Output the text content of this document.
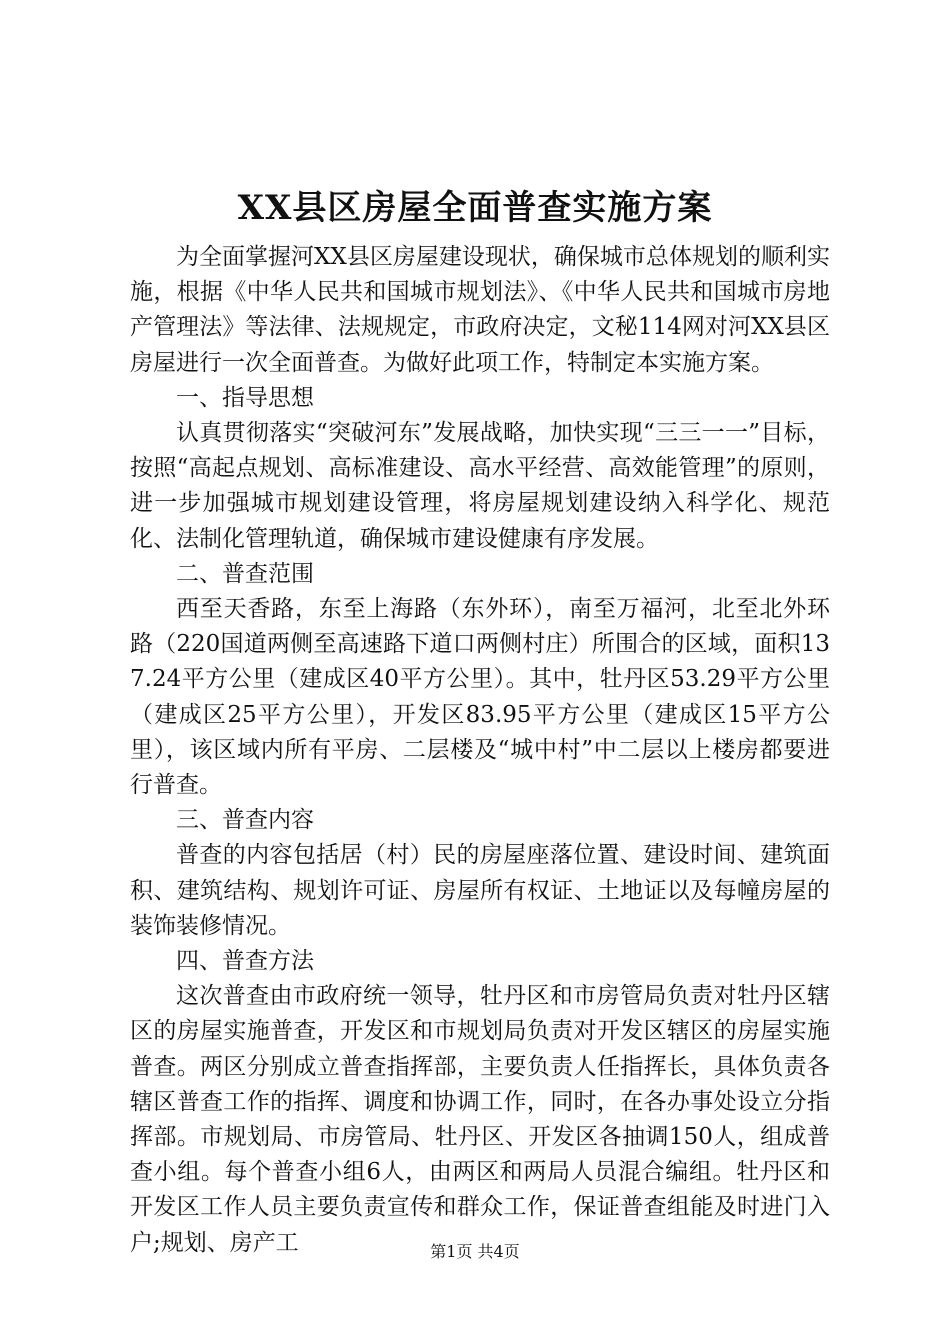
XX县区房屋全面普查实施方案

为全面掌握河XX县区房屋建设现状，确保城市总体规划的顺利实施，根据《中华人民共和国城市规划法》、《中华人民共和国城市房地产管理法》等法律、法规规定，市政府决定，文秘114网对河XX县区房屋进行一次全面普查。为做好此项工作，特制定本实施方案。

一、指导思想

认真贯彻落实“突破河东”发展战略，加快实现“三三一一”目标，按照“高起点规划、高标准建设、高水平经营、高效能管理”的原则，进一步加强城市规划建设管理，将房屋规划建设纳入科学化、规范化、法制化管理轨道，确保城市建设健康有序发展。

二、普查范围

西至天香路，东至上海路（东外环），南至万福河，北至北外环路（220国道两侧至高速路下道口两侧村庄）所围合的区域，面积137.24平方公里（建成区40平方公里）。其中，牡丹区53.29平方公里（建成区25平方公里），开发区83.95平方公里（建成区15平方公里），该区域内所有平房、二层楼及“城中村”中二层以上楼房都要进行普查。

三、普查内容

普查的内容包括居（村）民的房屋座落位置、建设时间、建筑面积、建筑结构、规划许可证、房屋所有权证、土地证以及每幢房屋的装饰装修情况。

四、普查方法

这次普查由市政府统一领导，牡丹区和市房管局负责对牡丹区辖区的房屋实施普查，开发区和市规划局负责对开发区辖区的房屋实施普查。两区分别成立普查指挥部，主要负责人任指挥长，具体负责各辖区普查工作的指挥、调度和协调工作，同时，在各办事处设立分指挥部。市规划局、市房管局、牡丹区、开发区各抽调150人，组成普查小组。每个普查小组6人，由两区和两局人员混合编组。牡丹区和开发区工作人员主要负责宣传和群众工作，保证普查组能及时进门入户;规划、房产工	第1页 共4页
